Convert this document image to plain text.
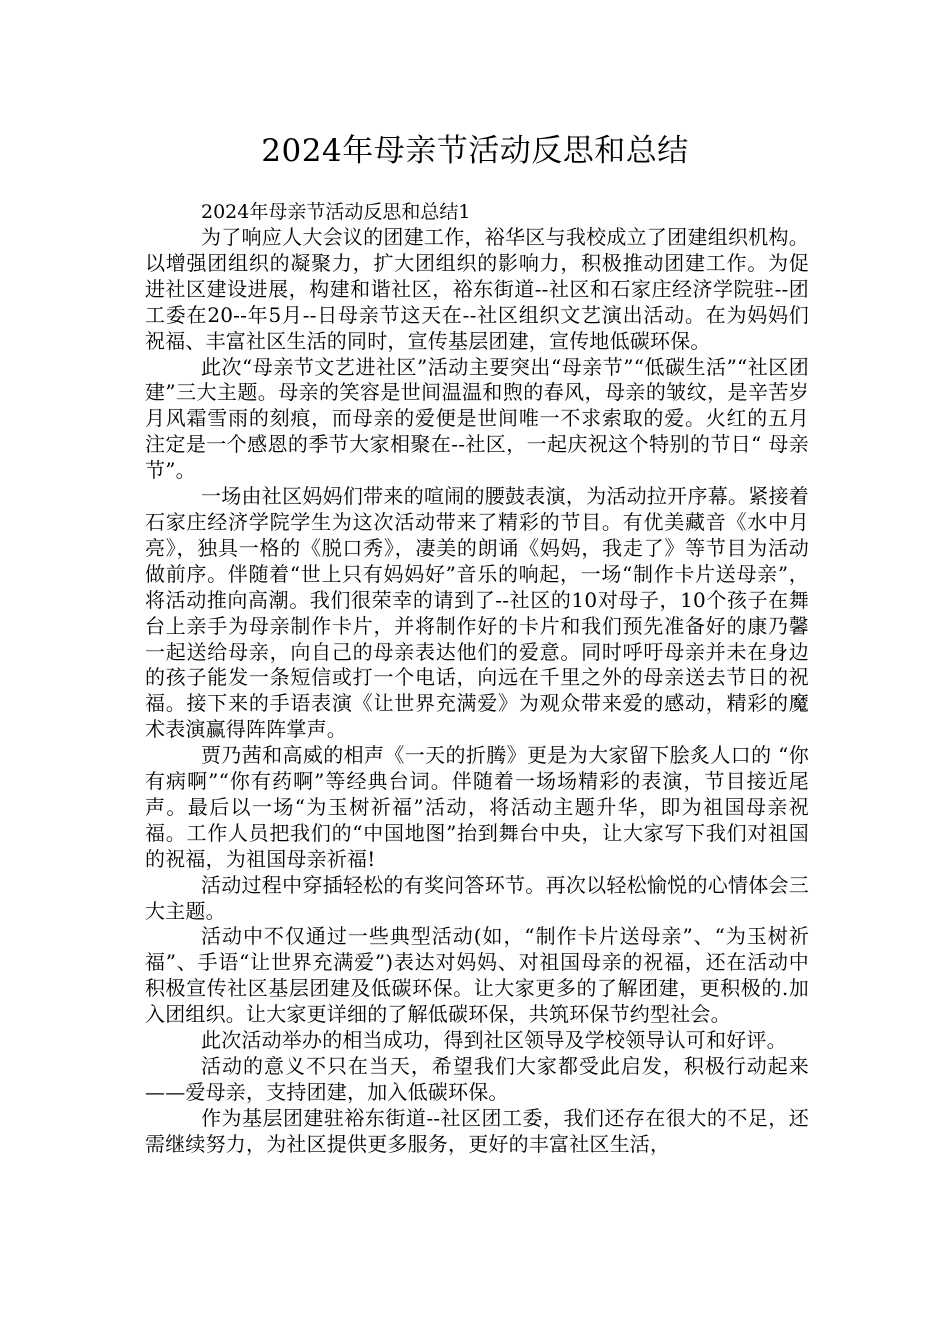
2024年母亲节活动反思和总结

2024年母亲节活动反思和总结1

为了响应人大会议的团建工作，裕华区与我校成立了团建组织机构。以增强团组织的凝聚力，扩大团组织的影响力，积极推动团建工作。为促进社区建设进展，构建和谐社区，裕东街道--社区和石家庄经济学院驻--团工委在20--年5月--日母亲节这天在--社区组织文艺演出活动。在为妈妈们祝福、丰富社区生活的同时，宣传基层团建，宣传地低碳环保。

此次“母亲节文艺进社区”活动主要突出“母亲节”“低碳生活”“社区团建”三大主题。母亲的笑容是世间温温和煦的春风，母亲的皱纹，是辛苦岁月风霜雪雨的刻痕，而母亲的爱便是世间唯一不求索取的爱。火红的五月 注定是一个感恩的季节大家相聚在--社区，一起庆祝这个特别的节日“ 母亲节”。

一场由社区妈妈们带来的喧闹的腰鼓表演，为活动拉开序幕。紧接着石家庄经济学院学生为这次活动带来了精彩的节目。有优美藏音《水中月亮》，独具一格的《脱口秀》，凄美的朗诵《妈妈，我走了》等节目为活动做前序。伴随着“世上只有妈妈好”音乐的响起，一场“制作卡片送母亲”，将活动推向高潮。我们很荣幸的请到了--社区的10对母子，10个孩子在舞台上亲手为母亲制作卡片，并将制作好的卡片和我们预先准备好的康乃馨一起送给母亲，向自己的母亲表达他们的爱意。同时呼吁母亲并未在身边的孩子能发一条短信或打一个电话，向远在千里之外的母亲送去节日的祝福。接下来的手语表演《让世界充满爱》为观众带来爱的感动，精彩的魔术表演赢得阵阵掌声。

贾乃茜和高威的相声《一天的折腾》更是为大家留下脍炙人口的 “你有病啊”“你有药啊”等经典台词。伴随着一场场精彩的表演，节目接近尾声。最后以一场“为玉树祈福”活动，将活动主题升华，即为祖国母亲祝福。工作人员把我们的“中国地图”抬到舞台中央，让大家写下我们对祖国的祝福，为祖国母亲祈福!

活动过程中穿插轻松的有奖问答环节。再次以轻松愉悦的心情体会三大主题。

活动中不仅通过一些典型活动(如，“制作卡片送母亲”、“为玉树祈福”、手语“让世界充满爱”)表达对妈妈、对祖国母亲的祝福，还在活动中积极宣传社区基层团建及低碳环保。让大家更多的了解团建，更积极的.加入团组织。让大家更详细的了解低碳环保，共筑环保节约型社会。

此次活动举办的相当成功，得到社区领导及学校领导认可和好评。

活动的意义不只在当天，希望我们大家都受此启发，积极行动起来——爱母亲，支持团建，加入低碳环保。

作为基层团建驻裕东街道--社区团工委，我们还存在很大的不足，还需继续努力，为社区提供更多服务，更好的丰富社区生活，
